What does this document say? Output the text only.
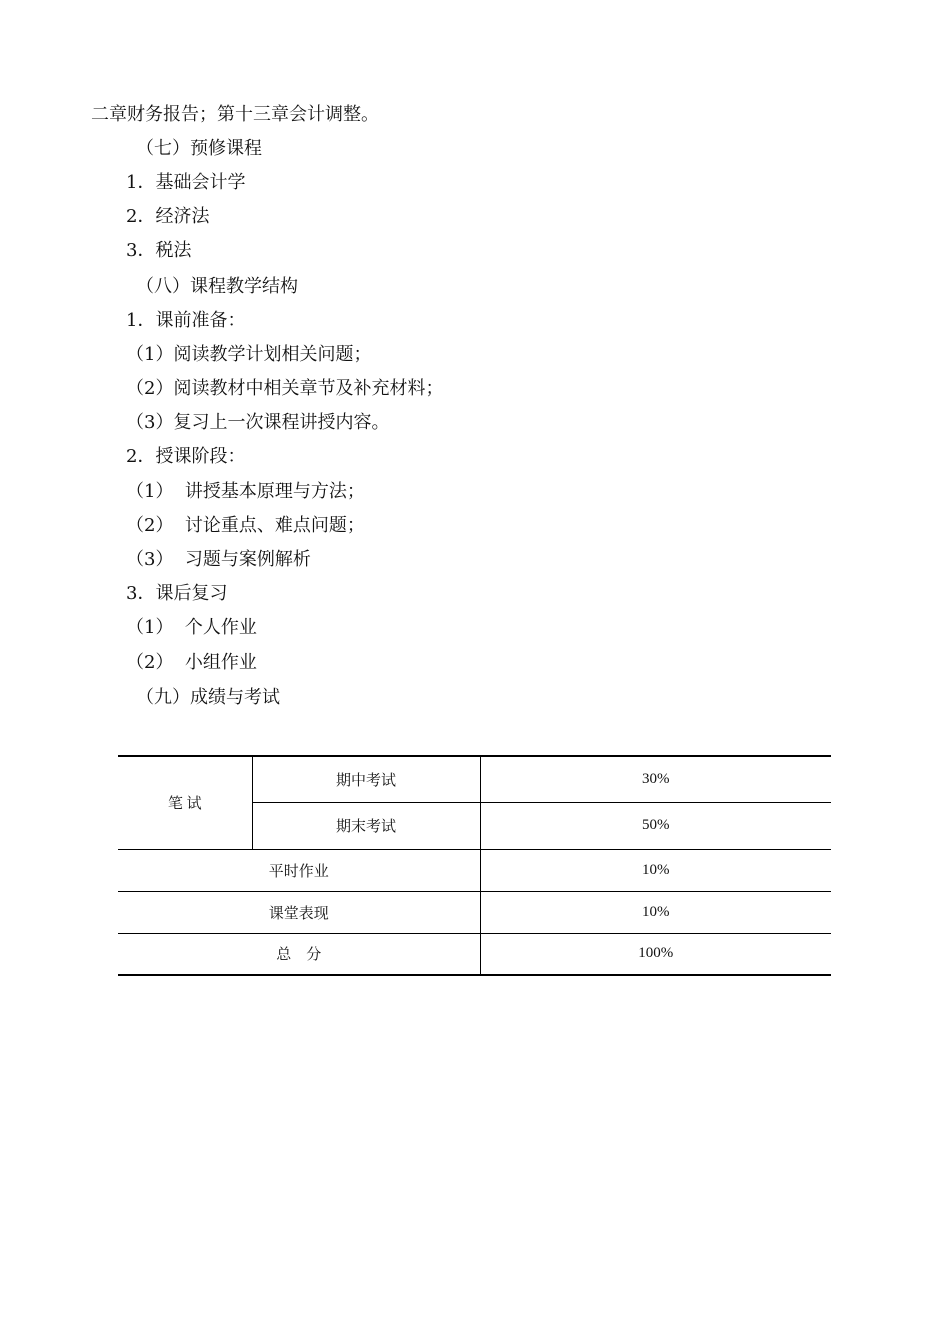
二章财务报告；第十三章会计调整。
（七）预修课程
1．基础会计学
2．经济法
3．税法
（八）课程教学结构
1．课前准备：
（1）阅读教学计划相关问题；
（2）阅读教材中相关章节及补充材料；
（3）复习上一次课程讲授内容。
2．授课阶段：
（1）  讲授基本原理与方法；
（2）  讨论重点、难点问题；
（3）  习题与案例解析
3．课后复习
（1）  个人作业
（2）  小组作业
（九）成绩与考试
笔 试	期中考试	30%
	期末考试	50%
平时作业		10%
课堂表现		10%
总    分		100%
